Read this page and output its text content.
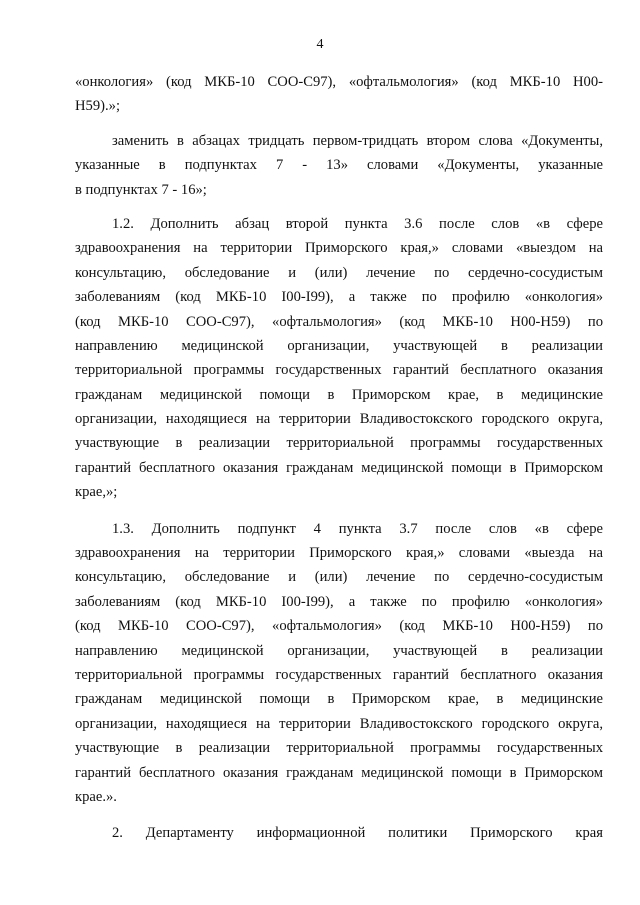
4
«онкология» (код МКБ-10 СОО-С97), «офтальмология» (код МКБ-10 Н00-
Н59).»;
заменить в абзацах тридцать первом-тридцать втором слова «Документы,
указанные в подпунктах 7 - 13» словами «Документы, указанные
в подпунктах 7 - 16»;
1.2. Дополнить абзац второй пункта 3.6 после слов «в сфере
здравоохранения на территории Приморского края,» словами «выездом на
консультацию, обследование и (или) лечение по сердечно-сосудистым
заболеваниям (код МКБ-10 I00-I99), а также по профилю «онкология»
(код МКБ-10 СОО-С97), «офтальмология» (код МКБ-10 Н00-Н59) по
направлению медицинской организации, участвующей в реализации
территориальной программы государственных гарантий бесплатного оказания
гражданам медицинской помощи в Приморском крае, в медицинские
организации, находящиеся на территории Владивостокского городского округа,
участвующие в реализации территориальной программы государственных
гарантий бесплатного оказания гражданам медицинской помощи в Приморском
крае,»;
1.3. Дополнить подпункт 4 пункта 3.7 после слов «в сфере
здравоохранения на территории Приморского края,» словами «выезда на
консультацию, обследование и (или) лечение по сердечно-сосудистым
заболеваниям (код МКБ-10 I00-I99), а также по профилю «онкология»
(код МКБ-10 СОО-С97), «офтальмология» (код МКБ-10 Н00-Н59) по
направлению медицинской организации, участвующей в реализации
территориальной программы государственных гарантий бесплатного оказания
гражданам медицинской помощи в Приморском крае, в медицинские
организации, находящиеся на территории Владивостокского городского округа,
участвующие в реализации территориальной программы государственных
гарантий бесплатного оказания гражданам медицинской помощи в Приморском
крае.».
2. Департаменту информационной политики Приморского края
